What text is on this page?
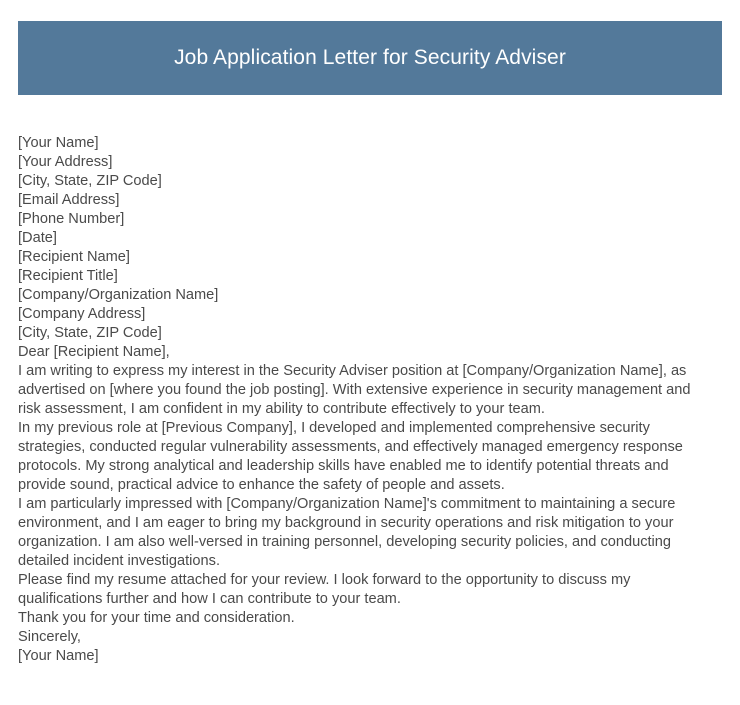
Job Application Letter for Security Adviser
[Your Name]
[Your Address]
[City, State, ZIP Code]
[Email Address]
[Phone Number]
[Date]
[Recipient Name]
[Recipient Title]
[Company/Organization Name]
[Company Address]
[City, State, ZIP Code]
Dear [Recipient Name],
I am writing to express my interest in the Security Adviser position at [Company/Organization Name], as advertised on [where you found the job posting]. With extensive experience in security management and risk assessment, I am confident in my ability to contribute effectively to your team.
In my previous role at [Previous Company], I developed and implemented comprehensive security strategies, conducted regular vulnerability assessments, and effectively managed emergency response protocols. My strong analytical and leadership skills have enabled me to identify potential threats and provide sound, practical advice to enhance the safety of people and assets.
I am particularly impressed with [Company/Organization Name]'s commitment to maintaining a secure environment, and I am eager to bring my background in security operations and risk mitigation to your organization. I am also well-versed in training personnel, developing security policies, and conducting detailed incident investigations.
Please find my resume attached for your review. I look forward to the opportunity to discuss my qualifications further and how I can contribute to your team.
Thank you for your time and consideration.
Sincerely,
[Your Name]
